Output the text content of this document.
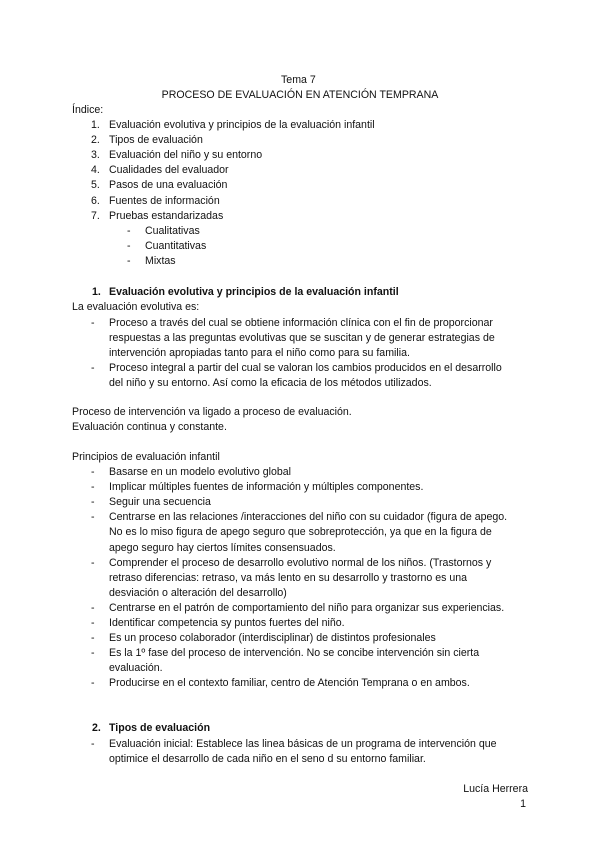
Tema 7
PROCESO DE EVALUACIÓN EN ATENCIÓN TEMPRANA
Índice:
1. Evaluación evolutiva y principios de la evaluación infantil
2. Tipos de evaluación
3. Evaluación del niño y su entorno
4. Cualidades del evaluador
5. Pasos de una evaluación
6. Fuentes de información
7. Pruebas estandarizadas
- Cualitativas
- Cuantitativas
- Mixtas
1. Evaluación evolutiva y principios de la evaluación infantil
La evaluación evolutiva es:
- Proceso a través del cual se obtiene información clínica con el fin de proporcionar
respuestas a las preguntas evolutivas que se suscitan y de generar estrategias de
intervención apropiadas tanto para el niño como para su familia.
- Proceso integral a partir del cual se valoran los cambios producidos en el desarrollo
del niño y su entorno. Así como la eficacia de los métodos utilizados.
Proceso de intervención va ligado a proceso de evaluación.
Evaluación continua y constante.
Principios de evaluación infantil
- Basarse en un modelo evolutivo global
- Implicar múltiples fuentes de información y múltiples componentes.
- Seguir una secuencia
- Centrarse en las relaciones /interacciones del niño con su cuidador (figura de apego.
No es lo miso figura de apego seguro que sobreprotección, ya que en la figura de
apego seguro hay ciertos límites consensuados.
- Comprender el proceso de desarrollo evolutivo normal de los niños. (Trastornos y
retraso diferencias: retraso, va más lento en su desarrollo y trastorno es una
desviación o alteración del desarrollo)
- Centrarse en el patrón de comportamiento del niño para organizar sus experiencias.
- Identificar competencia sy puntos fuertes del niño.
- Es un proceso colaborador (interdisciplinar) de distintos profesionales
- Es la 1º fase del proceso de intervención. No se concibe intervención sin cierta
evaluación.
- Producirse en el contexto familiar, centro de Atención Temprana o en ambos.
2. Tipos de evaluación
- Evaluación inicial: Establece las linea básicas de un programa de intervención que
optimice el desarrollo de cada niño en el seno d su entorno familiar.
Lucía Herrera
1
